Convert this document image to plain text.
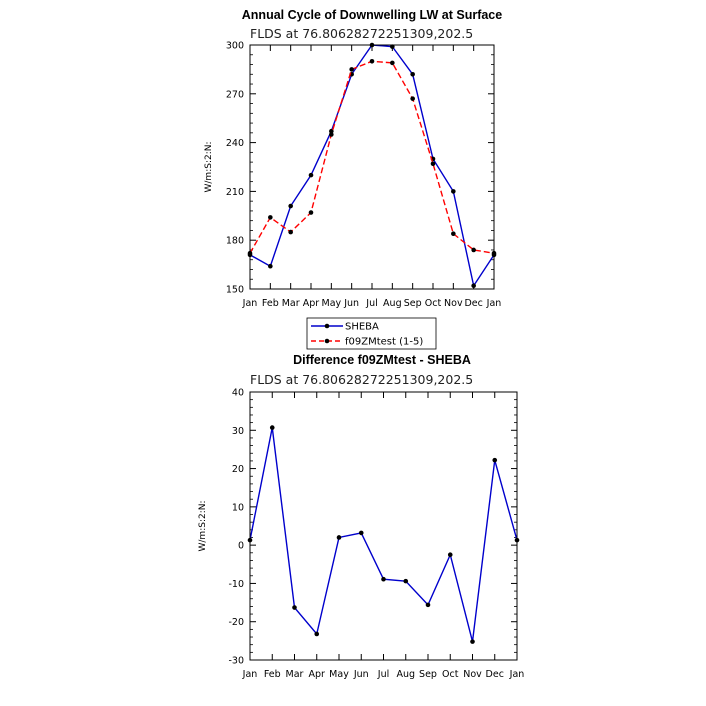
Annual Cycle of Downwelling LW at Surface
FLDS at 76.80628272251309,202.5
W/m:S:2:N:
150
180
210
240
270
300
Jan Feb Mar Apr May Jun Jul Aug Sep Oct Nov Dec Jan
SHEBA
f09ZMtest (1-5)
Difference f09ZMtest - SHEBA
FLDS at 76.80628272251309,202.5
W/m:S:2:N:
-30
-20
-10
0
10
20
30
40
Jan Feb Mar Apr May Jun Jul Aug Sep Oct Nov Dec Jan
